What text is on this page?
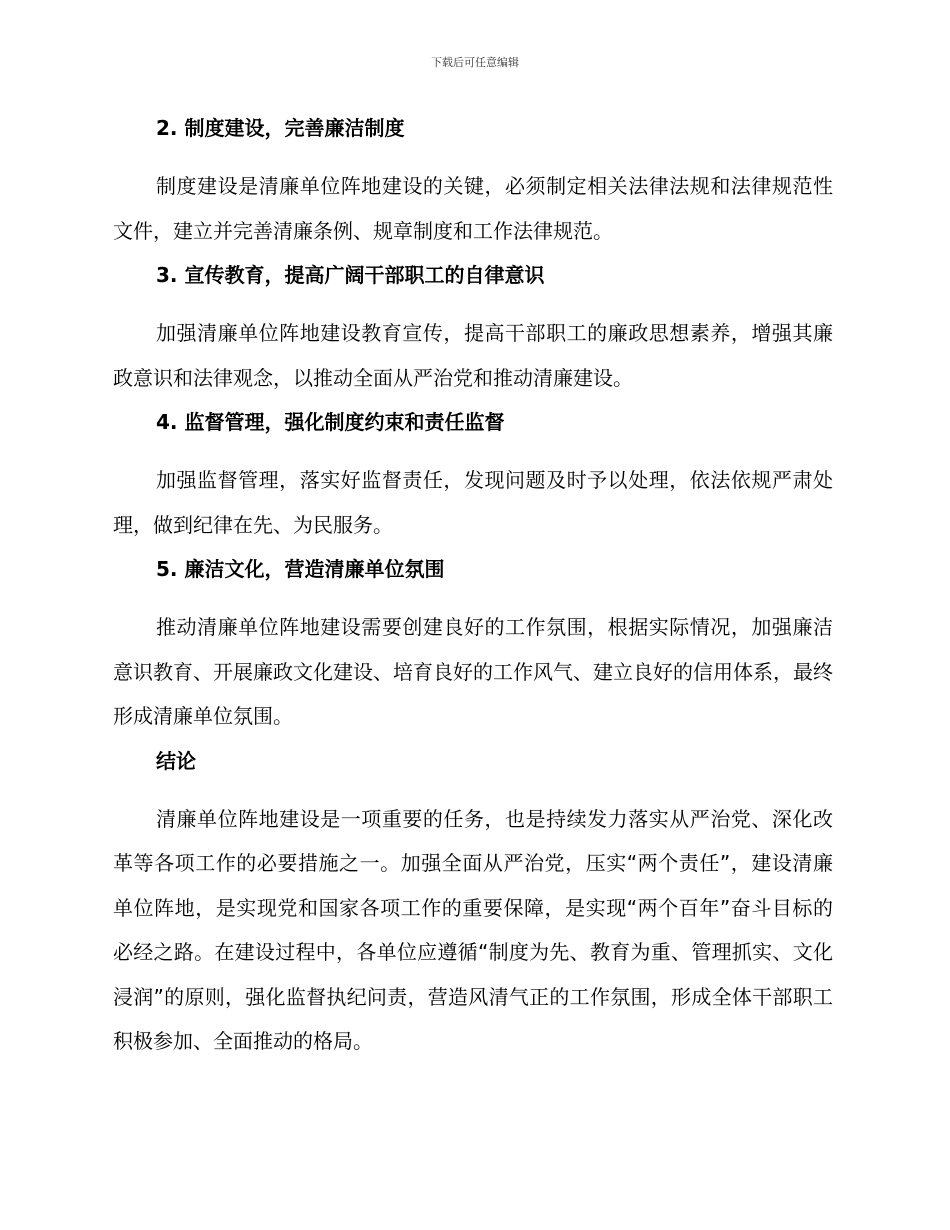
下载后可任意编辑
2. 制度建设，完善廉洁制度

制度建设是清廉单位阵地建设的关键，必须制定相关法律法规和法律规范性文件，建立并完善清廉条例、规章制度和工作法律规范。

3. 宣传教育，提高广阔干部职工的自律意识

加强清廉单位阵地建设教育宣传，提高干部职工的廉政思想素养，增强其廉政意识和法律观念，以推动全面从严治党和推动清廉建设。

4. 监督管理，强化制度约束和责任监督

加强监督管理，落实好监督责任，发现问题及时予以处理，依法依规严肃处理，做到纪律在先、为民服务。

5. 廉洁文化，营造清廉单位氛围

推动清廉单位阵地建设需要创建良好的工作氛围，根据实际情况，加强廉洁意识教育、开展廉政文化建设、培育良好的工作风气、建立良好的信用体系，最终形成清廉单位氛围。

结论

清廉单位阵地建设是一项重要的任务，也是持续发力落实从严治党、深化改革等各项工作的必要措施之一。加强全面从严治党，压实“两个责任”，建设清廉单位阵地，是实现党和国家各项工作的重要保障，是实现“两个百年”奋斗目标的必经之路。在建设过程中，各单位应遵循“制度为先、教育为重、管理抓实、文化浸润”的原则，强化监督执纪问责，营造风清气正的工作氛围，形成全体干部职工积极参加、全面推动的格局。
